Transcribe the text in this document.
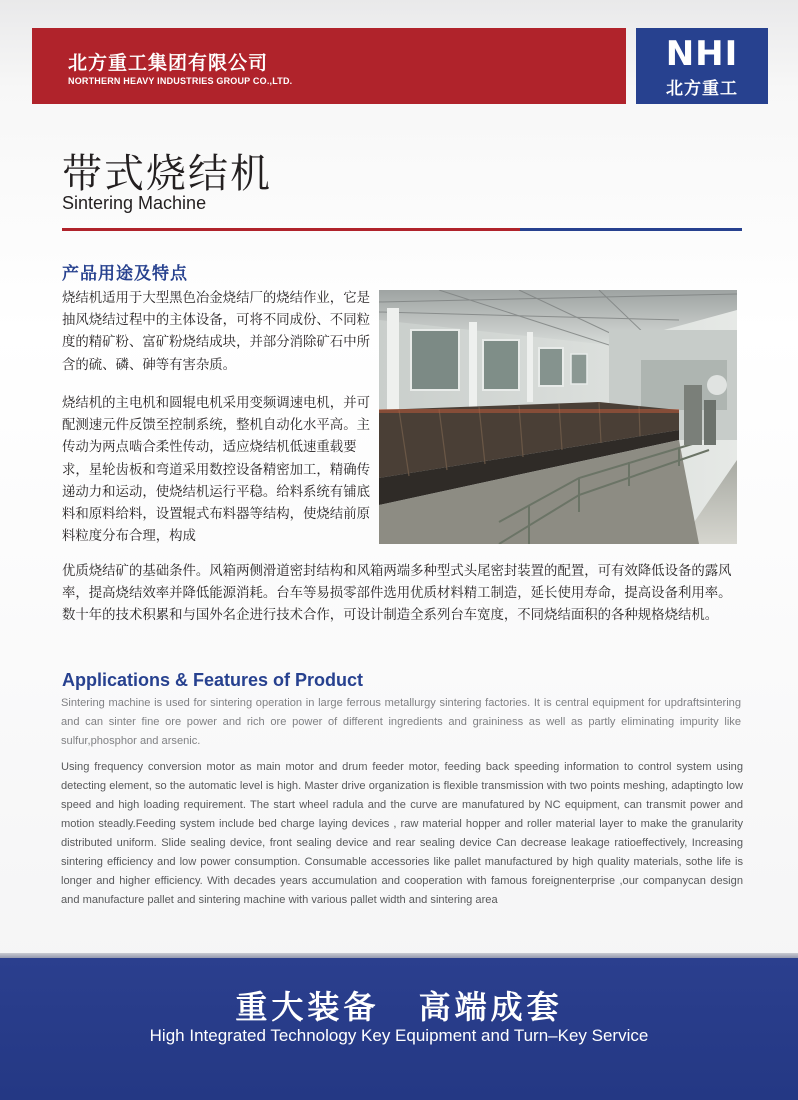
北方重工集团有限公司
NORTHERN HEAVY INDUSTRIES GROUP CO.,LTD.
NHI
北方重工
带式烧结机
Sintering Machine
产品用途及特点
烧结机适用于大型黑色冶金烧结厂的烧结作业，它是抽风烧结过程中的主体设备，可将不同成份、不同粒度的精矿粉、富矿粉烧结成块，并部分消除矿石中所含的硫、磷、砷等有害杂质。
烧结机的主电机和圆辊电机采用变频调速电机，并可配测速元件反馈至控制系统，整机自动化水平高。主传动为两点啮合柔性传动，适应烧结机低速重载要求，星轮齿板和弯道采用数控设备精密加工，精确传递动力和运动，使烧结机运行平稳。给料系统有铺底料和原料给料，设置辊式布料器等结构，使烧结前原料粒度分布合理，构成
优质烧结矿的基础条件。风箱两侧滑道密封结构和风箱两端多种型式头尾密封装置的配置，可有效降低设备的露风率，提高烧结效率并降低能源消耗。台车等易损零部件选用优质材料精工制造，延长使用寿命，提高设备利用率。数十年的技术积累和与国外名企进行技术合作，可设计制造全系列台车宽度，不同烧结面积的各种规格烧结机。
Applications & Features of Product
Sintering machine is used for sintering operation in large ferrous metallurgy sintering factories. It is central equipment for updraftsintering and can sinter fine ore power and rich ore power of different ingredients and graininess as well as partly eliminating impurity like sulfur,phosphor and arsenic.
Using frequency conversion motor as main motor and drum feeder motor, feeding back speeding information to control system using detecting element, so the automatic level is high. Master drive organization is flexible transmission with two points meshing, adaptingto low speed and high loading requirement. The start wheel radula and the curve are manufatured by NC equipment, can transmit power and motion steadly.Feeding system include bed charge laying devices , raw material hopper and roller material layer to make the granularity distributed uniform. Slide sealing device, front sealing device and rear sealing device Can decrease leakage ratioeffectively, Increasing sintering efficiency and low power consumption. Consumable accessories like pallet manufactured by high quality materials, sothe life is longer and higher efficiency. With decades years accumulation and cooperation with famous foreignenterprise ,our companycan design and manufacture pallet and sintering machine with various pallet width and sintering area
重大装备 高端成套
High Integrated Technology Key Equipment and Turn–Key Service
